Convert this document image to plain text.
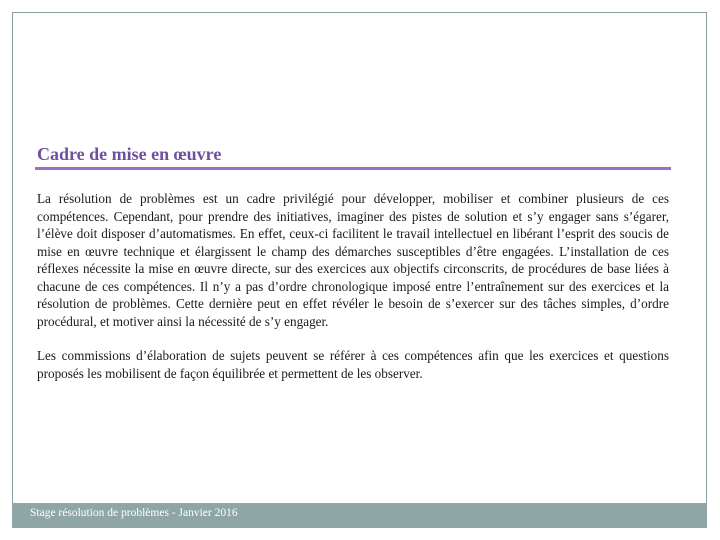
Cadre de mise en œuvre

La résolution de problèmes est un cadre privilégié pour développer, mobiliser et combiner plusieurs de ces compétences. Cependant, pour prendre des initiatives, imaginer des pistes de solution et s’y engager sans s’égarer, l’élève doit disposer d’automatismes. En effet, ceux-ci facilitent le travail intellectuel en libérant l’esprit des soucis de mise en œuvre technique et élargissent le champ des démarches susceptibles d’être engagées. L’installation de ces réflexes nécessite la mise en œuvre directe, sur des exercices aux objectifs circonscrits, de procédures de base liées à chacune de ces compétences. Il n’y a pas d’ordre chronologique imposé entre l’entraînement sur des exercices et la résolution de problèmes. Cette dernière peut en effet révéler le besoin de s’exercer sur des tâches simples, d’ordre procédural, et motiver ainsi la nécessité de s’y engager.

Les commissions d’élaboration de sujets peuvent se référer à ces compétences afin que les exercices et questions proposés les mobilisent de façon équilibrée et permettent de les observer.

Stage résolution de problèmes - Janvier 2016
